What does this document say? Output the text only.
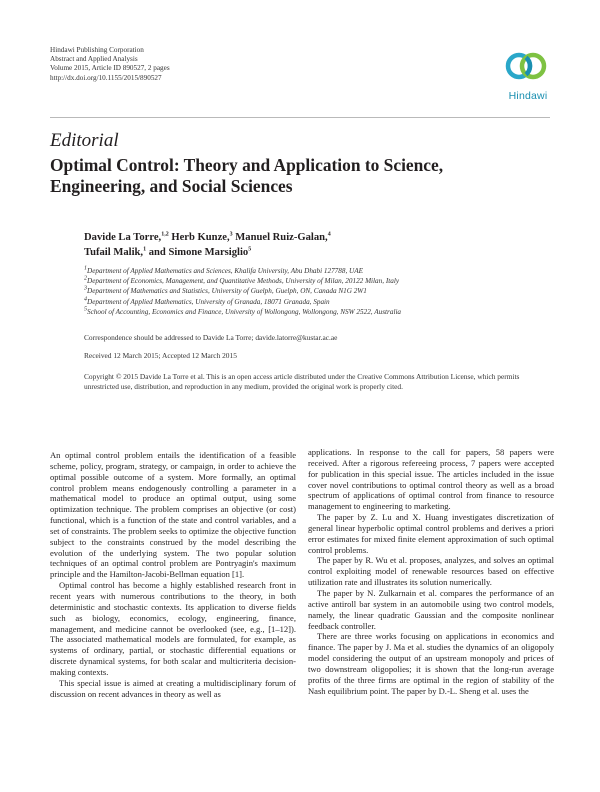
Hindawi Publishing Corporation
Abstract and Applied Analysis
Volume 2015, Article ID 890527, 2 pages
http://dx.doi.org/10.1155/2015/890527
Hindawi
Editorial
Optimal Control: Theory and Application to Science, Engineering, and Social Sciences
Davide La Torre,$^{1,2}$ Herb Kunze,$^3$ Manuel Ruiz-Galan,$^4$
Tufail Malik,$^1$ and Simone Marsiglio$^5$
$^1$Department of Applied Mathematics and Sciences, Khalifa University, Abu Dhabi 127788, UAE
$^2$Department of Economics, Management, and Quantitative Methods, University of Milan, 20122 Milan, Italy
$^3$Department of Mathematics and Statistics, University of Guelph, Guelph, ON, Canada N1G 2W1
$^4$Department of Applied Mathematics, University of Granada, 18071 Granada, Spain
$^5$School of Accounting, Economics and Finance, University of Wollongong, Wollongong, NSW 2522, Australia
Correspondence should be addressed to Davide La Torre; davide.latorre@kustar.ac.ae
Received 12 March 2015; Accepted 12 March 2015
Copyright © 2015 Davide La Torre et al. This is an open access article distributed under the Creative Commons Attribution License, which permits unrestricted use, distribution, and reproduction in any medium, provided the original work is properly cited.

An optimal control problem entails the identification of a feasible scheme, policy, program, strategy, or campaign, in order to achieve the optimal possible outcome of a system. More formally, an optimal control problem means endogenously controlling a parameter in a mathematical model to produce an optimal output, using some optimization technique. The problem comprises an objective (or cost) functional, which is a function of the state and control variables, and a set of constraints. The problem seeks to optimize the objective function subject to the constraints construed by the model describing the evolution of the underlying system. The two popular solution techniques of an optimal control problem are Pontryagin's maximum principle and the Hamilton-Jacobi-Bellman equation [1].

Optimal control has become a highly established research front in recent years with numerous contributions to the theory, in both deterministic and stochastic contexts. Its application to diverse fields such as biology, economics, ecology, engineering, finance, management, and medicine cannot be overlooked (see, e.g., [1–12]). The associated mathematical models are formulated, for example, as systems of ordinary, partial, or stochastic differential equations or discrete dynamical systems, for both scalar and multicriteria decision-making contexts.

This special issue is aimed at creating a multidisciplinary forum of discussion on recent advances in theory as well as

applications. In response to the call for papers, 58 papers were received. After a rigorous refereeing process, 7 papers were accepted for publication in this special issue. The articles included in the issue cover novel contributions to optimal control theory as well as a broad spectrum of applications of optimal control from finance to resource management to engineering to marketing.

The paper by Z. Lu and X. Huang investigates discretization of general linear hyperbolic optimal control problems and derives a priori error estimates for mixed finite element approximation of such optimal control problems.

The paper by R. Wu et al. proposes, analyzes, and solves an optimal control exploiting model of renewable resources based on effective utilization rate and illustrates its solution numerically.

The paper by N. Zulkarnain et al. compares the performance of an active antiroll bar system in an automobile using two control models, namely, the linear quadratic Gaussian and the composite nonlinear feedback controller.

There are three works focusing on applications in economics and finance. The paper by J. Ma et al. studies the dynamics of an oligopoly model considering the output of an upstream monopoly and prices of two downstream oligopolies; it is shown that the long-run average profits of the three firms are optimal in the region of stability of the Nash equilibrium point. The paper by D.-L. Sheng et al. uses the
